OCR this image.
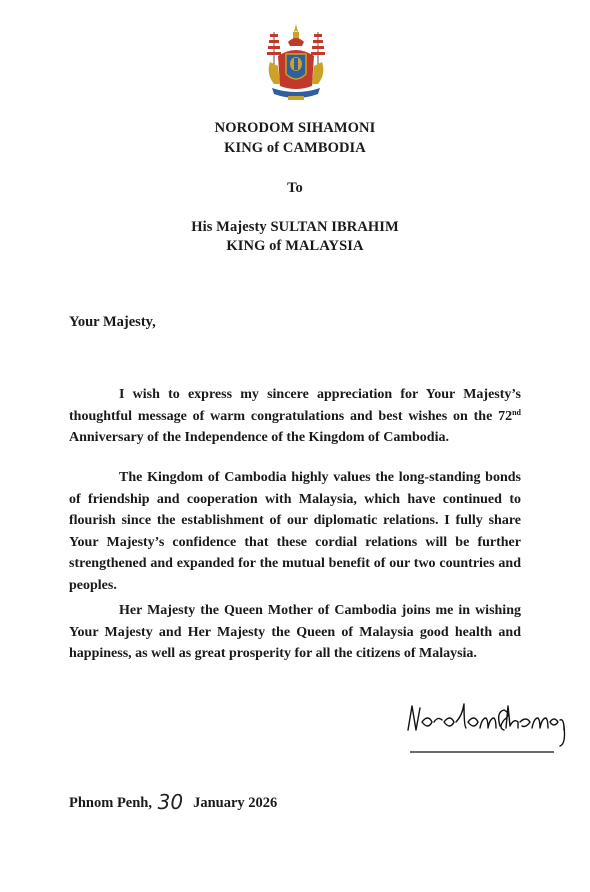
NORODOM SIHAMONI
KING of CAMBODIA
To
His Majesty SULTAN IBRAHIM
KING of MALAYSIA
Your Majesty,

I wish to express my sincere appreciation for Your Majesty’s thoughtful message of warm congratulations and best wishes on the 72nd Anniversary of the Independence of the Kingdom of Cambodia.

The Kingdom of Cambodia highly values the long-standing bonds of friendship and cooperation with Malaysia, which have continued to flourish since the establishment of our diplomatic relations. I fully share Your Majesty’s confidence that these cordial relations will be further strengthened and expanded for the mutual benefit of our two countries and peoples.

Her Majesty the Queen Mother of Cambodia joins me in wishing Your Majesty and Her Majesty the Queen of Malaysia good health and happiness, as well as great prosperity for all the citizens of Malaysia.

Phnom Penh, 30 January 2026
